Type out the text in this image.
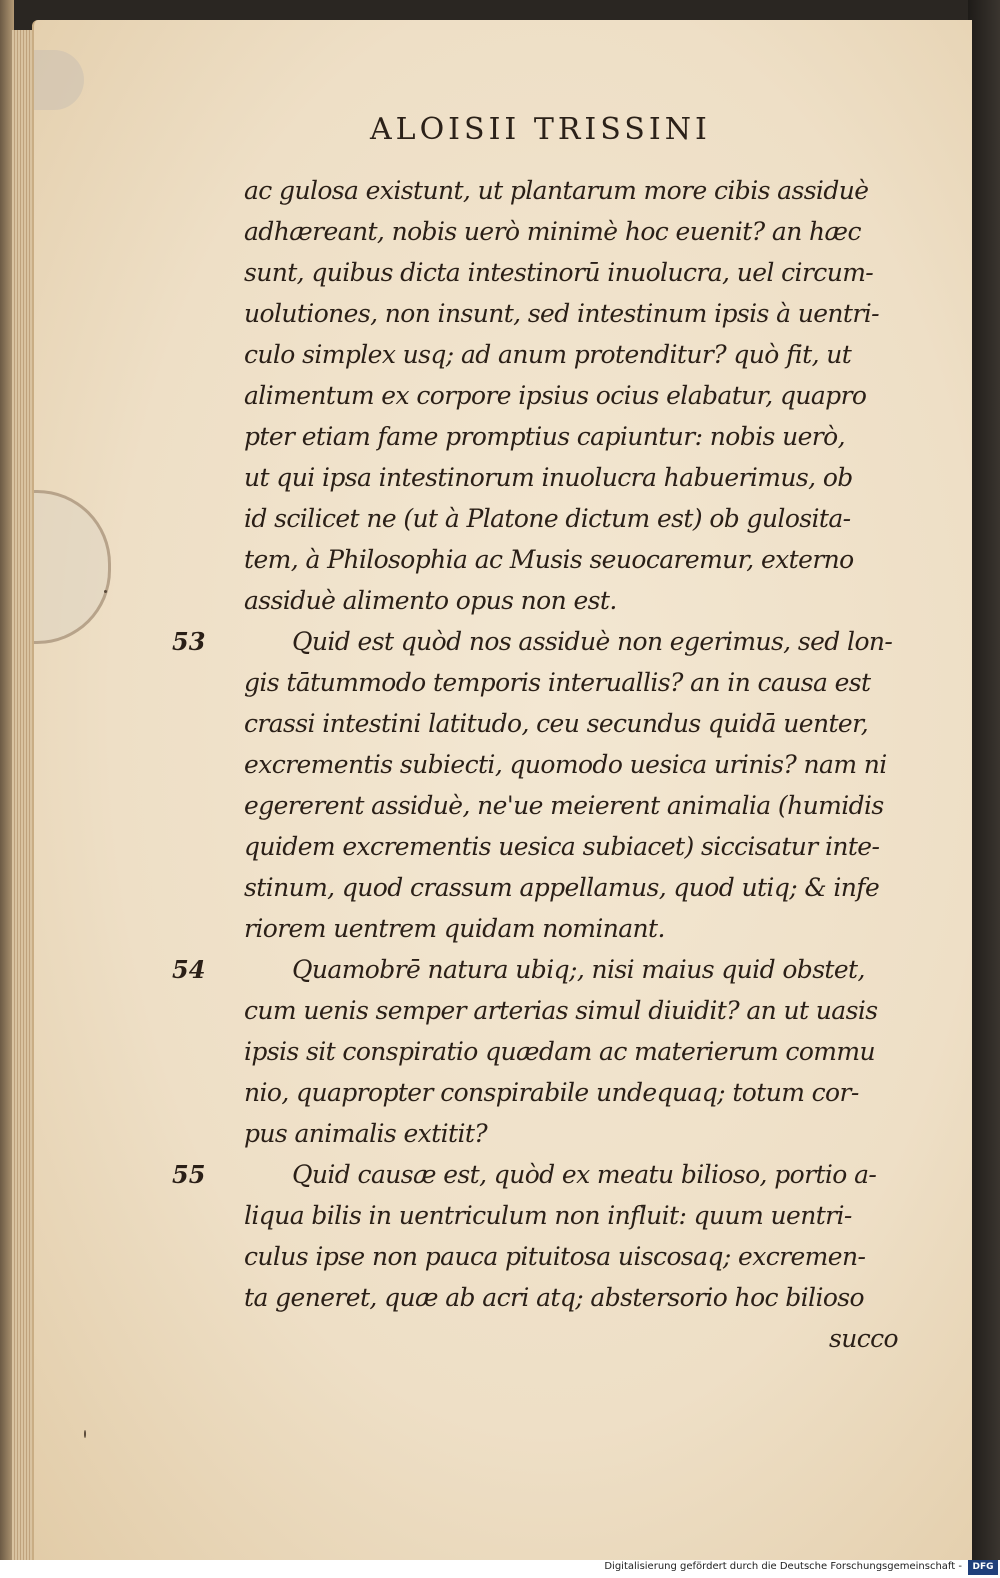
ALOISII TRISSINI
ac gulosa existunt, ut plantarum more cibis assiduè
adhæreant, nobis uerò minimè hoc euenit? an hæc
sunt, quibus dicta intestinorū inuolucra, uel circum-
uolutiones, non insunt, sed intestinum ipsis à uentri-
culo simplex usq; ad anum protenditur? quò fit, ut
alimentum ex corpore ipsius ocius elabatur, quapro
pter etiam fame promptius capiuntur: nobis uerò,
ut qui ipsa intestinorum inuolucra habuerimus, ob
id scilicet ne (ut à Platone dictum est) ob gulosita-
tem, à Philosophia ac Musis seuocaremur, externo
assiduè alimento opus non est.
Quid est quòd nos assiduè non egerimus, sed lon-
gis tātummodo temporis interuallis? an in causa est
crassi intestini latitudo, ceu secundus quidā uenter,
excrementis subiecti, quomodo uesica urinis? nam ni
egererent assiduè, ne'ue meierent animalia (humidis
quidem excrementis uesica subiacet) siccisatur inte-
stinum, quod crassum appellamus, quod utiq; & infe
riorem uentrem quidam nominant.
Quamobrē natura ubiq;, nisi maius quid obstet,
cum uenis semper arterias simul diuidit? an ut uasis
ipsis sit conspiratio quædam ac materierum commu
nio, quapropter conspirabile undequaq; totum cor-
pus animalis extitit?
Quid causæ est, quòd ex meatu bilioso, portio a-
liqua bilis in uentriculum non influit: quum uentri-
culus ipse non pauca pituitosa uiscosaq; excremen-
ta generet, quæ ab acri atq; abstersorio hoc bilioso
succo
53
54
55
Digitalisierung gefördert durch die Deutsche Forschungsgemeinschaft -	DFG
